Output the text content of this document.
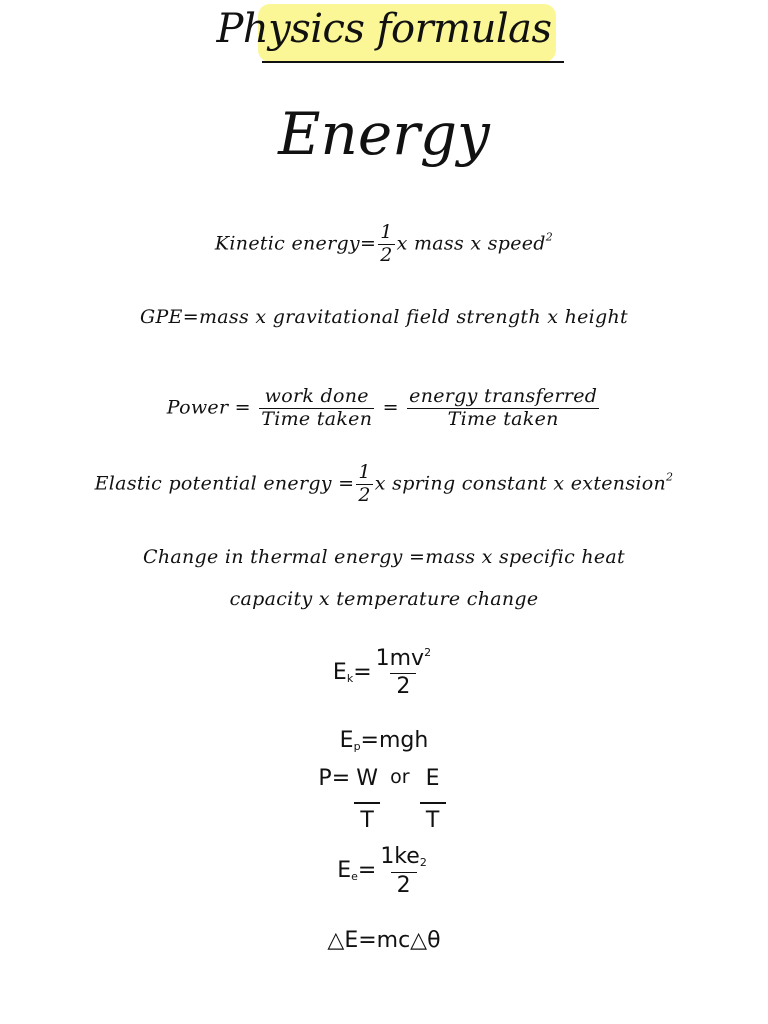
Physics formulas
Energy
Kinetic energy= $\frac{1}{2}$ x mass x speed$^2$
GPE=mass x gravitational field strength x height
Power = $\frac{\text{work done}}{\text{Time taken}} = \frac{\text{energy transferred}}{\text{Time taken}}$
Elastic potential energy = $\frac{1}{2}$ x spring constant x extension$^2$
Change in thermal energy =mass x specific heat
capacity x temperature change
$E_k= \frac{1mv^2}{2}$
$E_p=mgh$
$P= \frac{W}{T}$ or $\frac{E}{T}$
$E_e= \frac{1ke_2}{2}$
△E=mc△θ
